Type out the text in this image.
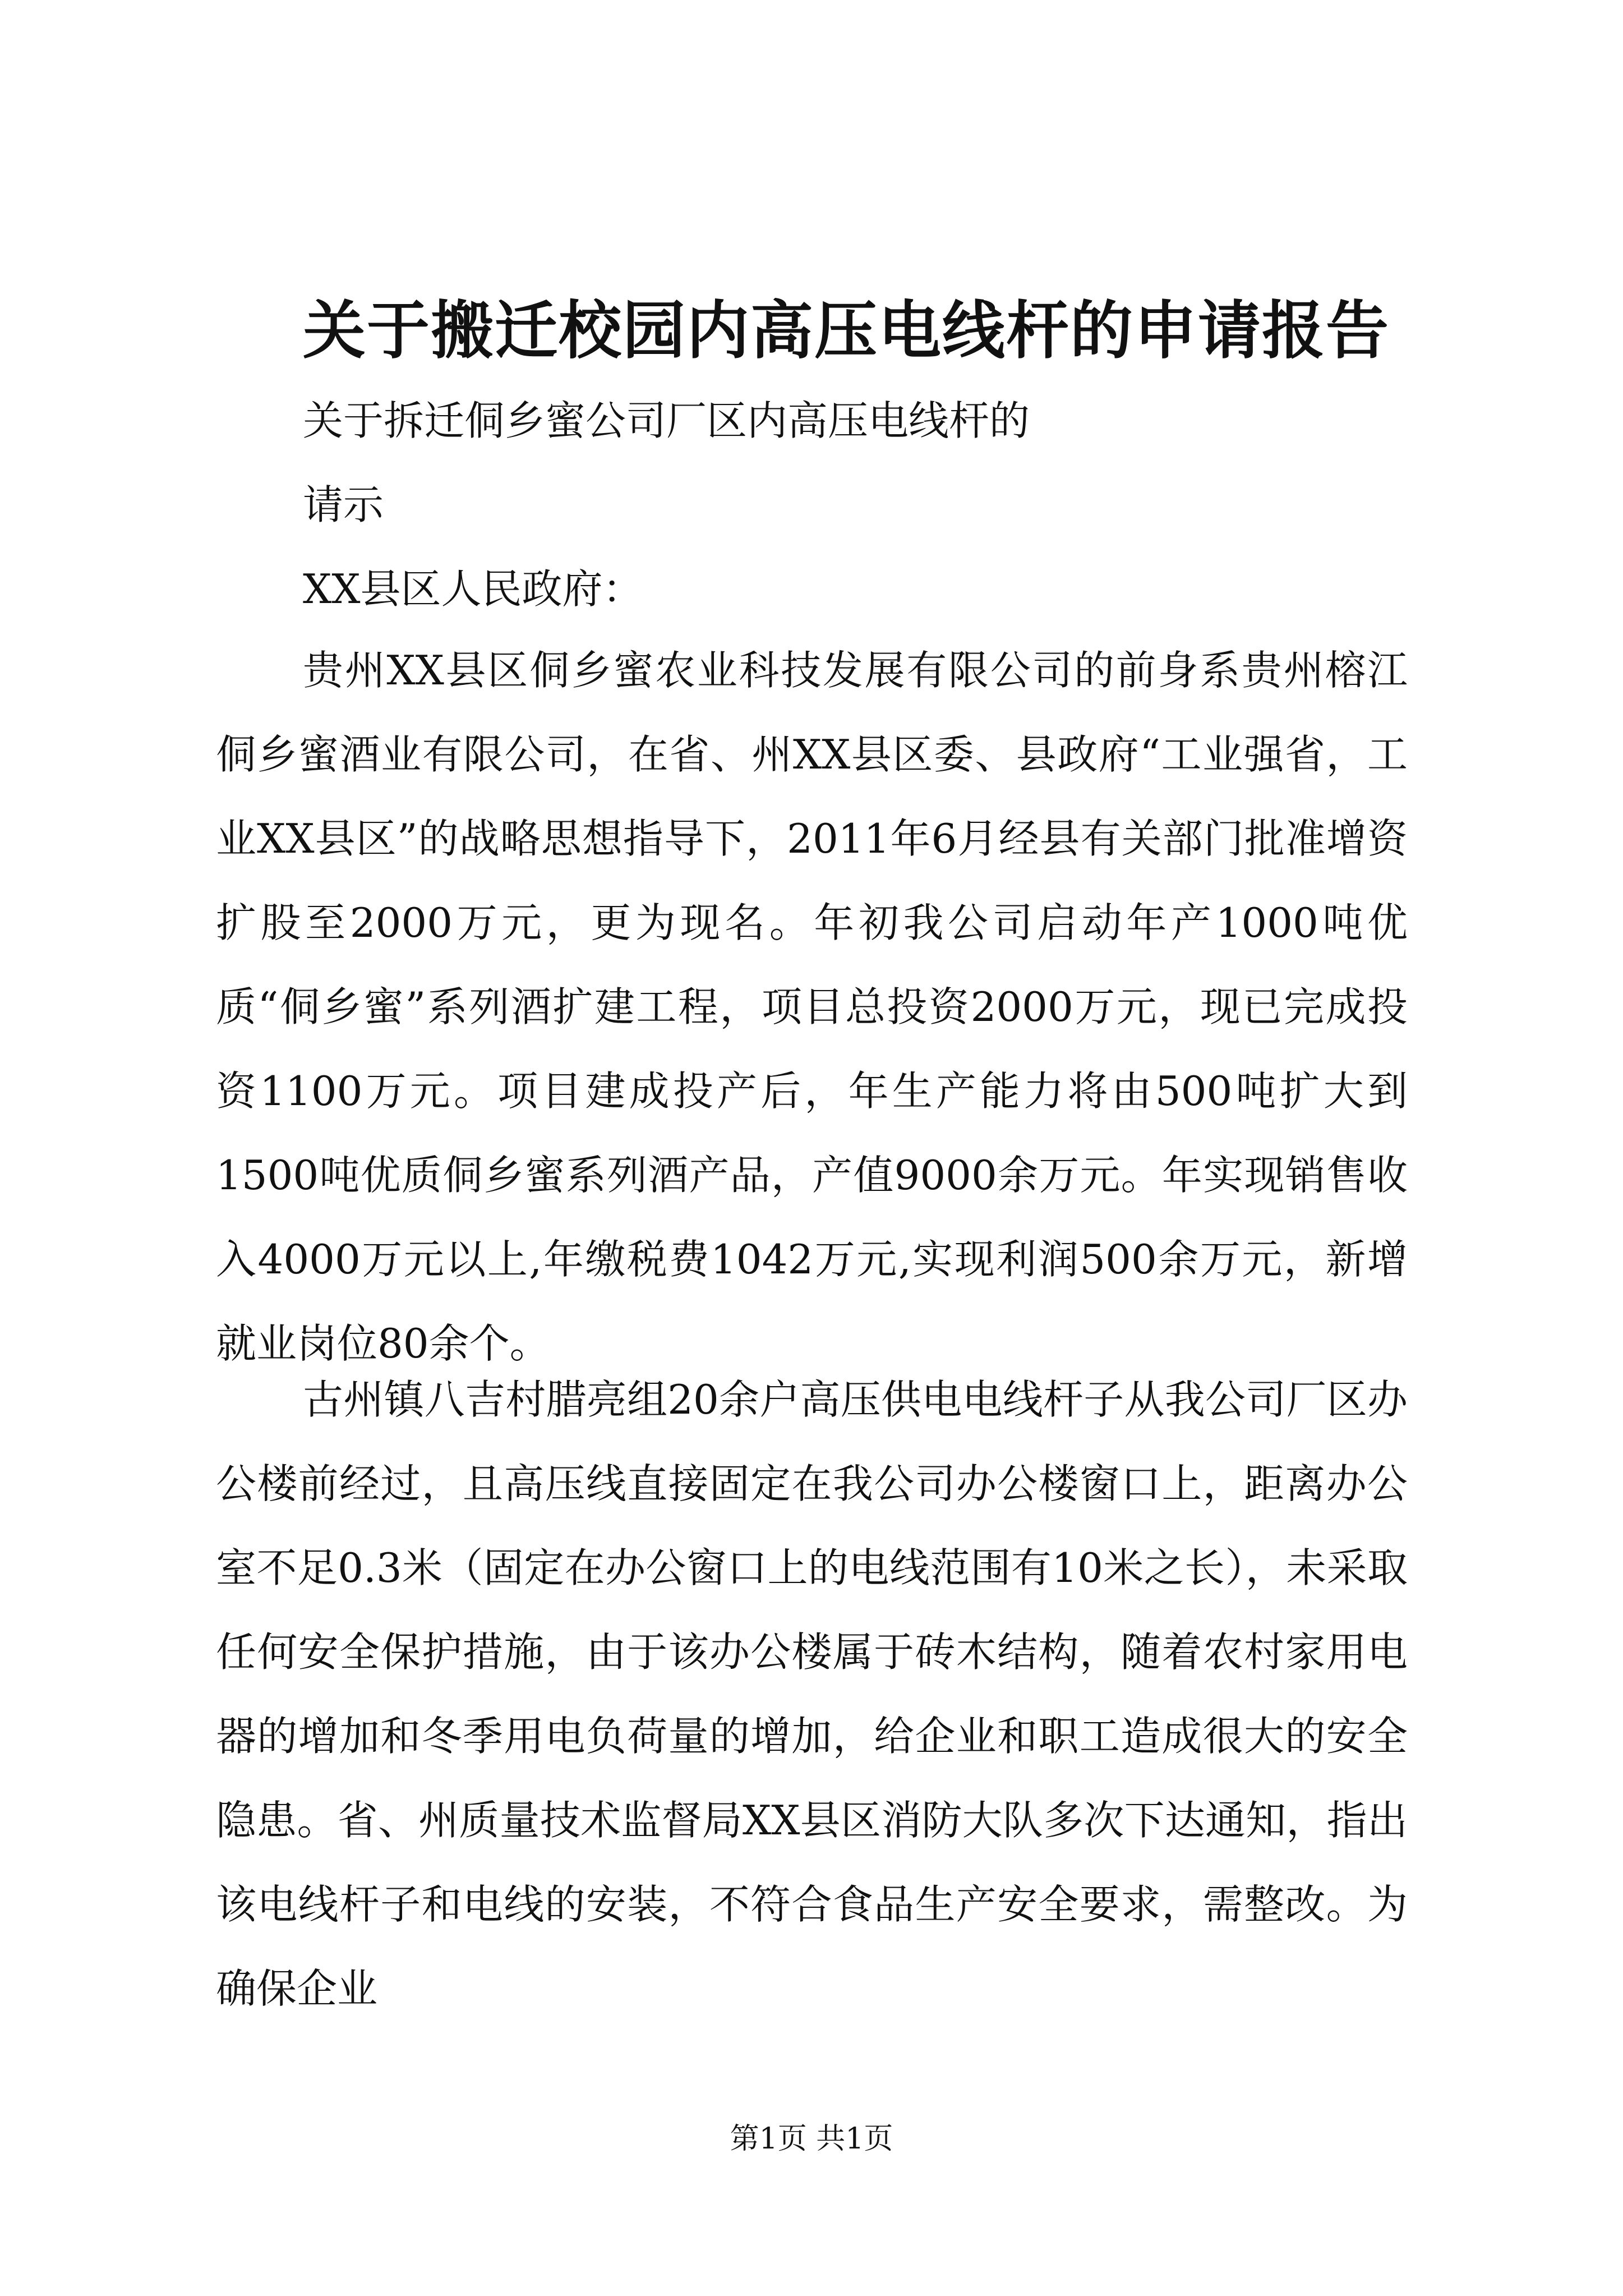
关于搬迁校园内高压电线杆的申请报告
关于拆迁侗乡蜜公司厂区内高压电线杆的
请示
XX县区人民政府：
贵州XX县区侗乡蜜农业科技发展有限公司的前身系贵州榕江侗乡蜜酒业有限公司，在省、州XX县区委、县政府“工业强省，工业XX县区”的战略思想指导下，2011年6月经县有关部门批准增资扩股至2000万元，更为现名。年初我公司启动年产1000吨优质“侗乡蜜”系列酒扩建工程，项目总投资2000万元，现已完成投资1100万元。项目建成投产后，年生产能力将由500吨扩大到1500吨优质侗乡蜜系列酒产品，产值9000余万元。年实现销售收入4000万元以上,年缴税费1042万元,实现利润500余万元，新增就业岗位80余个。
古州镇八吉村腊亮组20余户高压供电电线杆子从我公司厂区办公楼前经过，且高压线直接固定在我公司办公楼窗口上，距离办公室不足0.3米（固定在办公窗口上的电线范围有10米之长），未采取任何安全保护措施，由于该办公楼属于砖木结构，随着农村家用电器的增加和冬季用电负荷量的增加，给企业和职工造成很大的安全隐患。省、州质量技术监督局XX县区消防大队多次下达通知，指出该电线杆子和电线的安装，不符合食品生产安全要求，需整改。为确保企业
第1页 共1页
